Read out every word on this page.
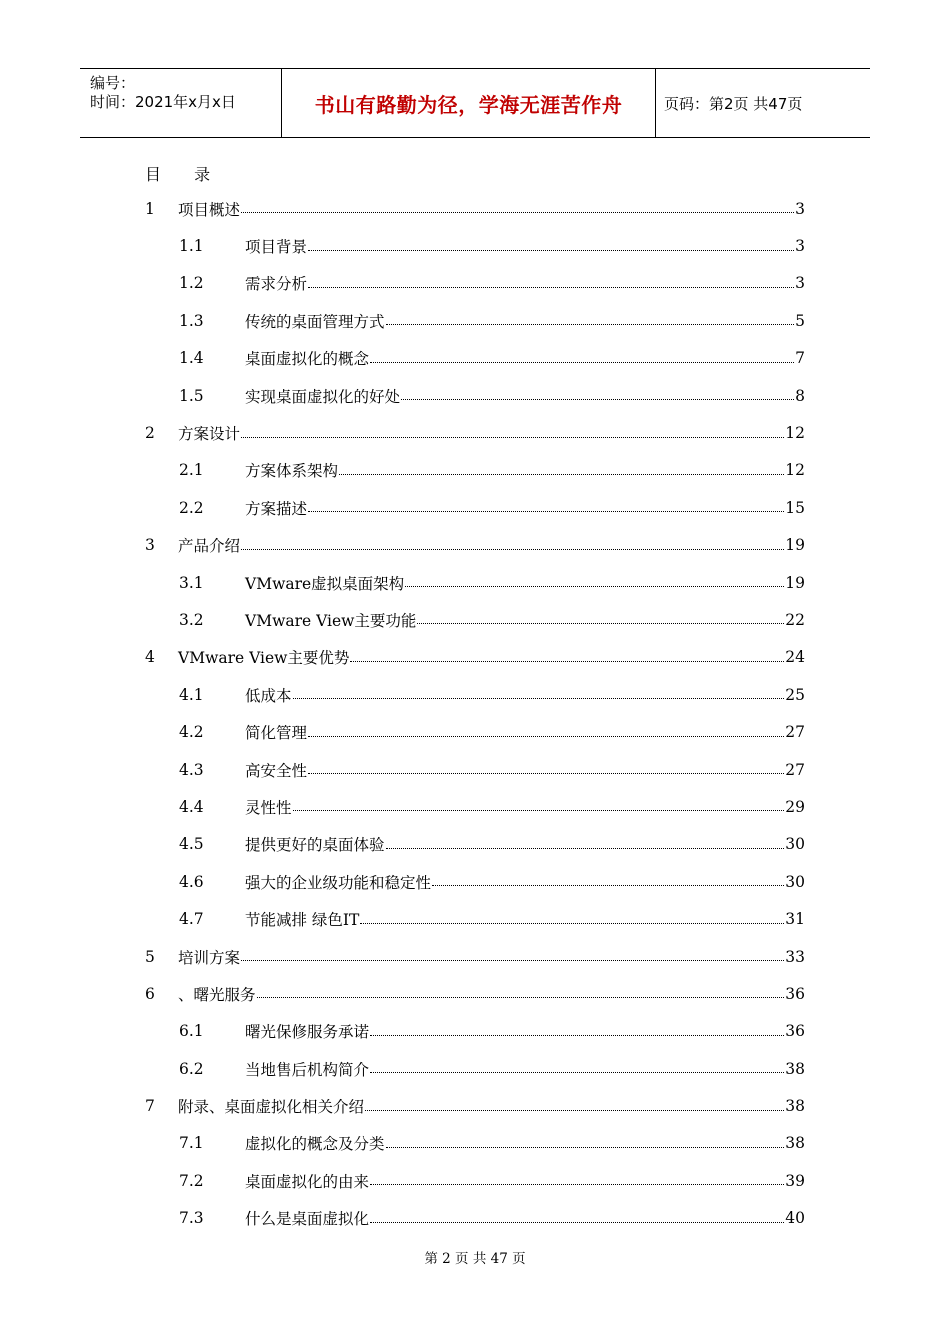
编号：
时间：2021年x月x日	书山有路勤为径，学海无涯苦作舟	页码：第2页 共47页
目 录
1	项目概述	3
1.1	项目背景	3
1.2	需求分析	3
1.3	传统的桌面管理方式	5
1.4	桌面虚拟化的概念	7
1.5	实现桌面虚拟化的好处	8
2	方案设计	12
2.1	方案体系架构	12
2.2	方案描述	15
3	产品介绍	19
3.1	VMware虚拟桌面架构	19
3.2	VMware View主要功能	22
4	VMware View主要优势	24
4.1	低成本	25
4.2	简化管理	27
4.3	高安全性	27
4.4	灵性性	29
4.5	提供更好的桌面体验	30
4.6	强大的企业级功能和稳定性	30
4.7	节能减排 绿色IT	31
5	培训方案	33
6	、曙光服务	36
6.1	曙光保修服务承诺	36
6.2	当地售后机构简介	38
7	附录、桌面虚拟化相关介绍	38
7.1	虚拟化的概念及分类	38
7.2	桌面虚拟化的由来	39
7.3	什么是桌面虚拟化	40
第 2 页 共 47 页
